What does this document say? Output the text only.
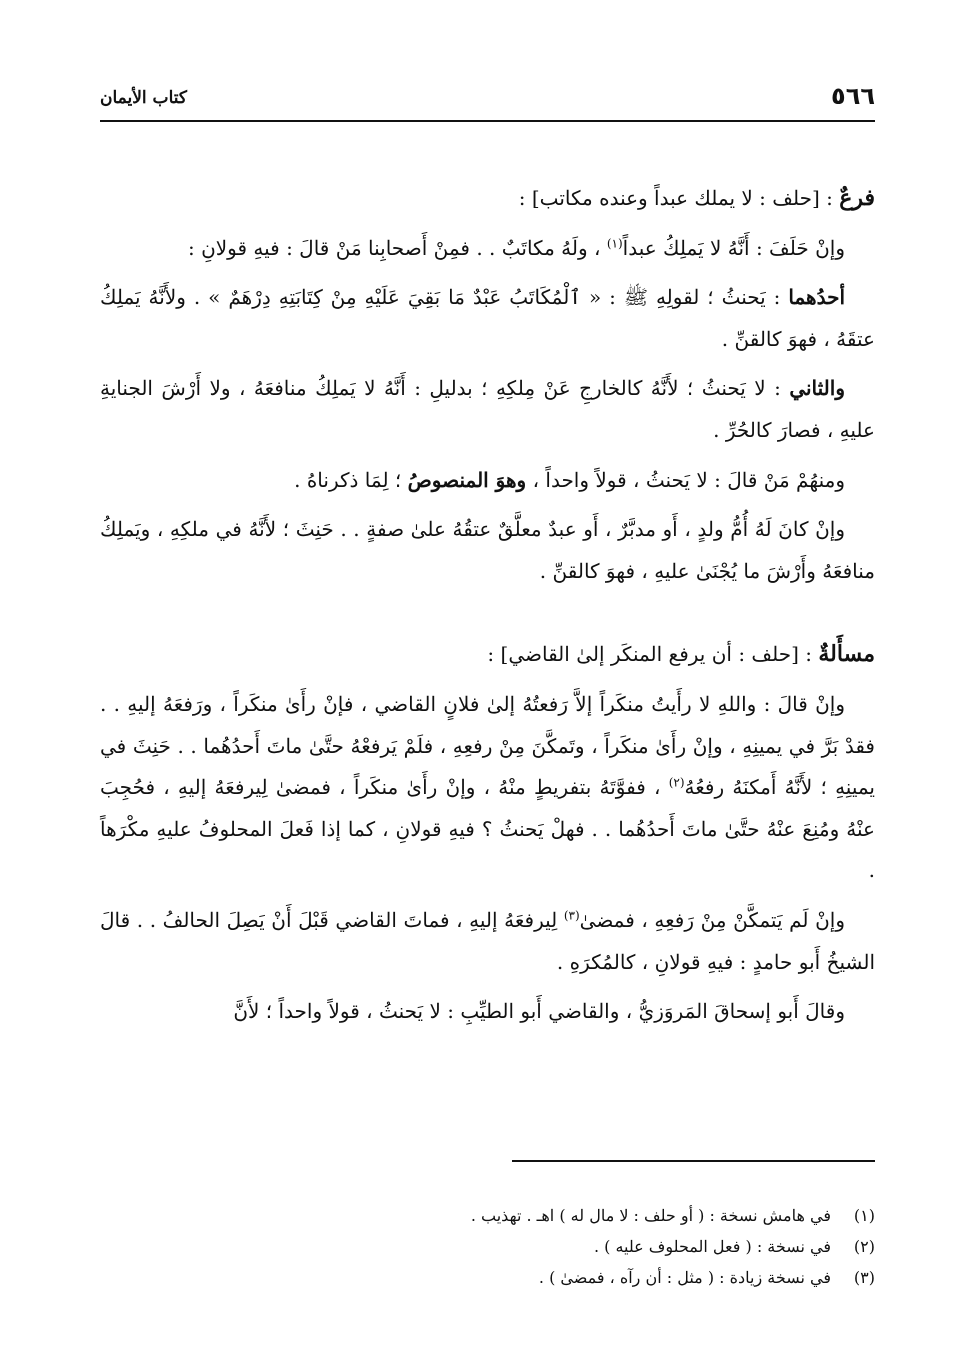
٥٦٦
كتاب الأيمان

فرعٌ : [حلف : لا يملك عبداً وعنده مكاتب] :

وإنْ حَلَفَ : أَنَّهُ لا يَملِكُ عبداً$^{(١)}$ ، ولَهُ مكاتَبٌ . . فمِنْ أَصحابِنا مَنْ قالَ : فيهِ قولانِ :

أحدُهما : يَحنثُ ؛ لقولِهِ ﷺ : « ٱلْمُكَاتَبُ عَبْدٌ مَا بَقِيَ عَلَيْهِ مِنْ كِتَابَتِهِ دِرْهَمٌ » . ولأَنَّهُ يَملِكُ عتقَهُ ، فهوَ كالقنِّ .

والثاني : لا يَحنثُ ؛ لأَنَّهُ كالخارجِ عَنْ مِلكِهِ ؛ بدليلِ : أَنَّهُ لا يَملِكُ منافعَهُ ، ولا أَرْشَ الجنايةِ عليهِ ، فصارَ كالحُرِّ .

ومنهُمْ مَنْ قالَ : لا يَحنثُ ، قولاً واحداً ، وهوَ المنصوصُ ؛ لِمَا ذكرناهُ .

وإنْ كانَ لَهُ أُمُّ ولدٍ ، أَو مدبَّرٌ ، أَو عبدٌ معلَّقٌ عتقُهُ علىٰ صفةٍ . . حَنِثَ ؛ لأَنَّهُ في ملكِهِ ، ويَملِكُ منافعَهُ وأَرْشَ ما يُجْنَىٰ عليهِ ، فهوَ كالقنِّ .

مسأَلةٌ : [حلف : أن يرفع المنكَر إلىٰ القاضي] :

وإنْ قالَ : واللهِ لا رأَيتُ منكَراً إلاَّ رَفعتُهُ إلىٰ فلانٍ القاضي ، فإنْ رأَىٰ منكَراً ، ورَفعَهُ إليهِ . . فقدْ بَرَّ في يمينِهِ ، وإنْ رأَىٰ منكَراً ، وتَمكَّنَ مِنْ رفعِهِ ، فلَمْ يَرفعْهُ حتَّىٰ ماتَ أَحدُهُما . . حَنِثَ في يمينِهِ ؛ لأَنَّهُ أَمكنَهُ رفعُهُ$^{(٢)}$ ، ففوَّتَهُ بتفريطٍ منْهُ ، وإنْ رأَىٰ منكَراً ، فمضىٰ لِيرفعَهُ إليهِ ، فحُجِبَ عنْهُ ومُنِعَ عنْهُ حتَّىٰ ماتَ أَحدُهُما . . فهلْ يَحنثُ ؟ فيهِ قولانِ ، كما إذا فَعلَ المحلوفُ عليهِ مكْرَهاً .

وإنْ لَم يَتمكَّنْ مِنْ رَفعِهِ ، فمضىٰ$^{(٣)}$ لِيرفعَهُ إليهِ ، فماتَ القاضي قَبْلَ أَنْ يَصِلَ الحالفُ . . قالَ الشيخُ أَبو حامدٍ : فيهِ قولانِ ، كالمُكرَهِ .

وقالَ أَبو إسحاقَ المَروَزيُّ ، والقاضي أَبو الطيِّبِ : لا يَحنثُ ، قولاً واحداً ؛ لأَنَّ

(١)
في هامش نسخة : ( أو حلف : لا مال له ) اهـ . تهذيب .
(٢)
في نسخة : ( فعل المحلوف عليه ) .
(٣)
في نسخة زيادة : ( مثل : أن رآه ، فمضىٰ ) .
